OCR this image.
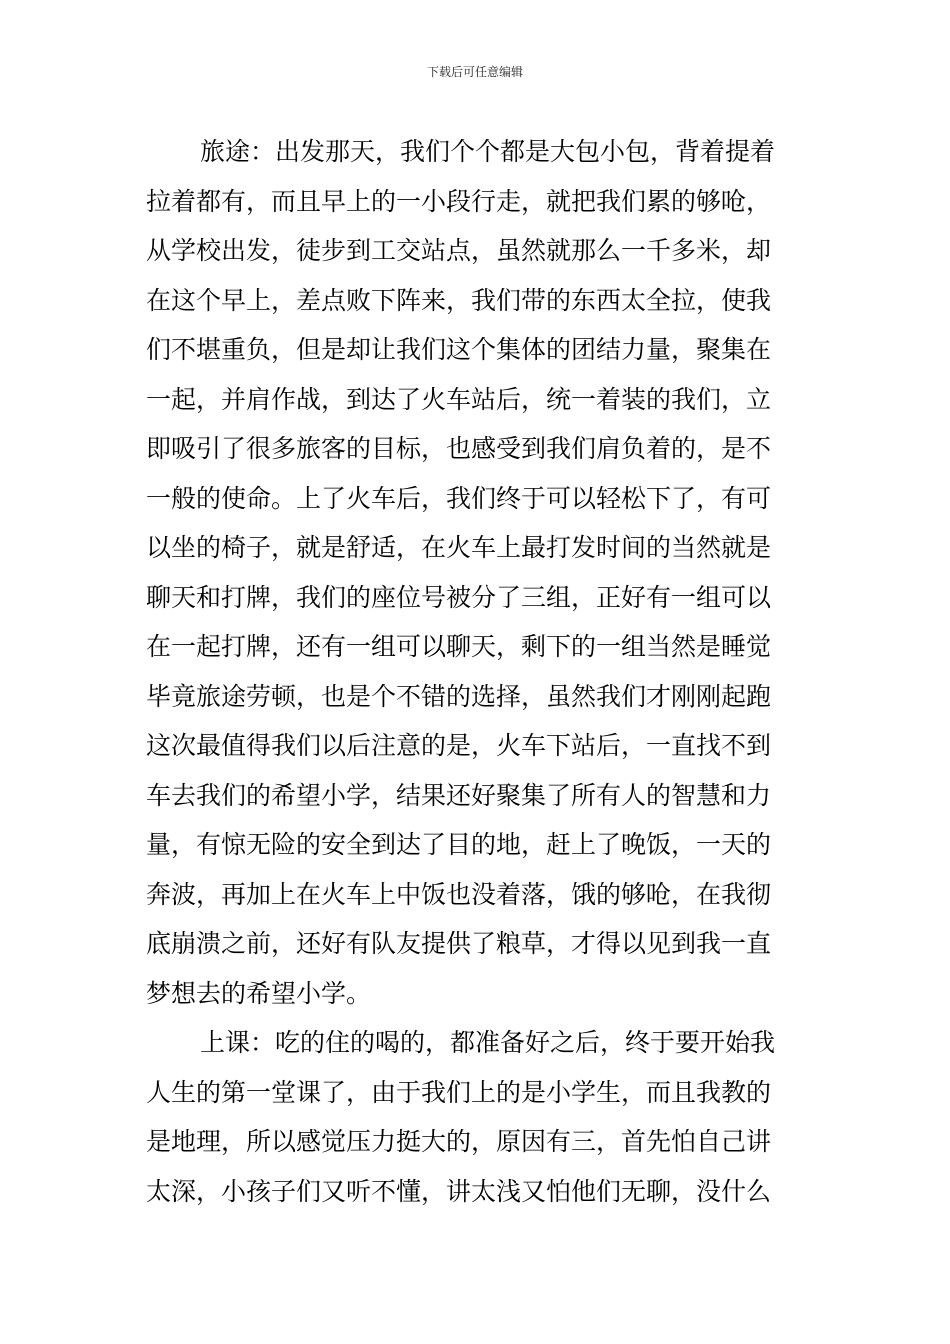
下载后可任意编辑
旅途：出发那天，我们个个都是大包小包，背着提着
拉着都有，而且早上的一小段行走，就把我们累的够呛，
从学校出发，徒步到工交站点，虽然就那么一千多米，却
在这个早上，差点败下阵来，我们带的东西太全拉，使我
们不堪重负，但是却让我们这个集体的团结力量，聚集在
一起，并肩作战，到达了火车站后，统一着装的我们，立
即吸引了很多旅客的目标，也感受到我们肩负着的，是不
一般的使命。上了火车后，我们终于可以轻松下了，有可
以坐的椅子，就是舒适，在火车上最打发时间的当然就是
聊天和打牌，我们的座位号被分了三组，正好有一组可以
在一起打牌，还有一组可以聊天，剩下的一组当然是睡觉
毕竟旅途劳顿，也是个不错的选择，虽然我们才刚刚起跑
这次最值得我们以后注意的是，火车下站后，一直找不到
车去我们的希望小学，结果还好聚集了所有人的智慧和力
量，有惊无险的安全到达了目的地，赶上了晚饭，一天的
奔波，再加上在火车上中饭也没着落，饿的够呛，在我彻
底崩溃之前，还好有队友提供了粮草，才得以见到我一直
梦想去的希望小学。
上课：吃的住的喝的，都准备好之后，终于要开始我
人生的第一堂课了，由于我们上的是小学生，而且我教的
是地理，所以感觉压力挺大的，原因有三，首先怕自己讲
太深，小孩子们又听不懂，讲太浅又怕他们无聊，没什么
